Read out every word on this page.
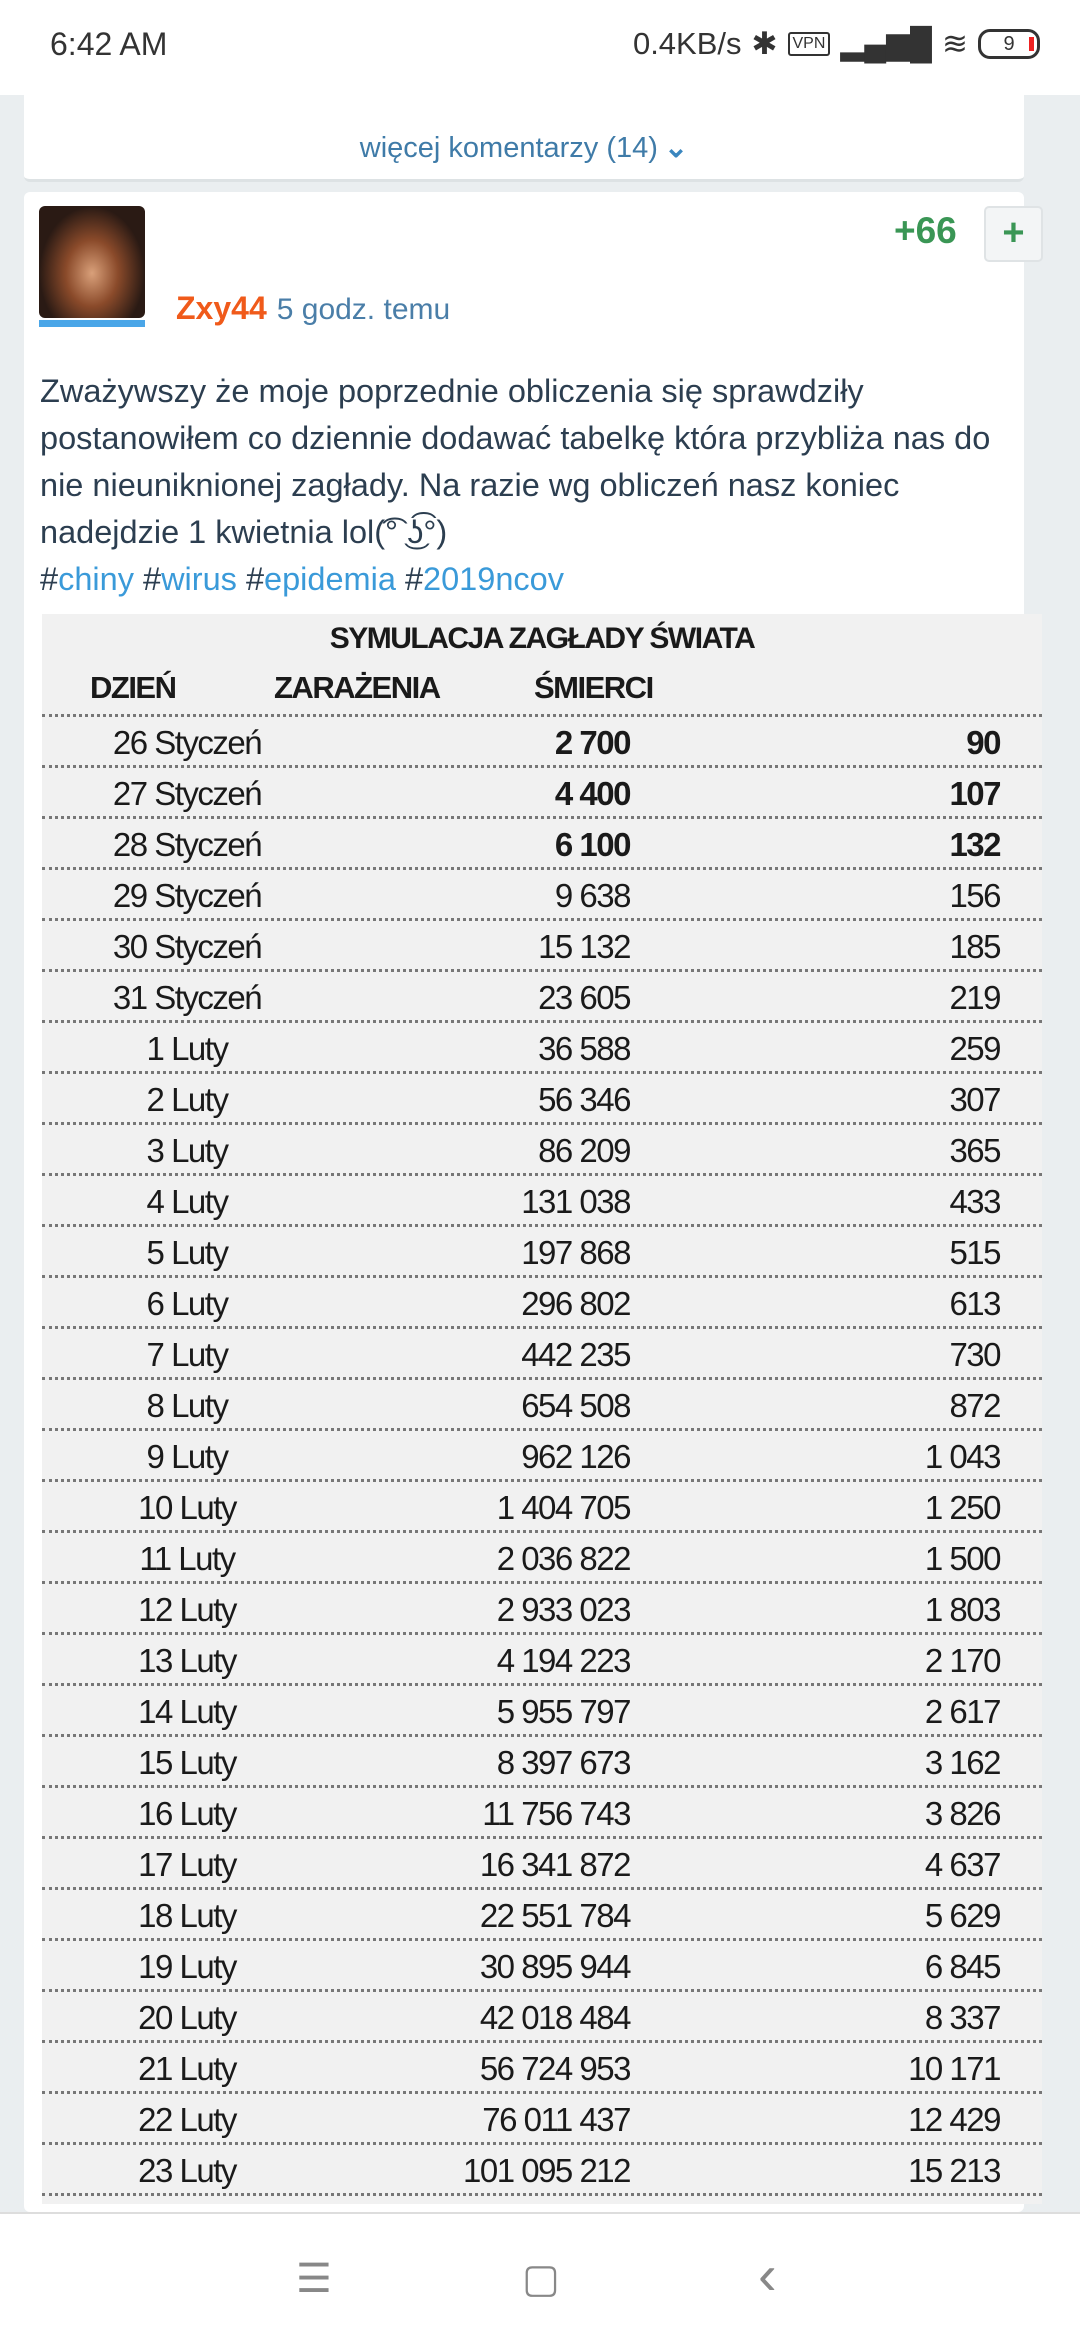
6:42 AM	0.4KB/s ✱ VPN ▂▄▆█ ≋	9
więcej komentarzy (14) ⌄
+66	+
Zxy44 5 godz. temu
Zważywszy że moje poprzednie obliczenia się sprawdziły postanowiłem co dziennie dodawać tabelkę która przybliża nas do nie nieuniknionej zagłady. Na razie wg obliczeń nasz koniec nadejdzie 1 kwietnia lol(͡° ͜ʖ͡°)
#chiny #wirus #epidemia #2019ncov
SYMULACJA ZAGŁADY ŚWIATA
DZIEŃ	ZARAŻENIA	ŚMIERCI
26 Styczeń	2 700	90
27 Styczeń	4 400	107
28 Styczeń	6 100	132
29 Styczeń	9 638	156
30 Styczeń	15 132	185
31 Styczeń	23 605	219
1 Luty	36 588	259
2 Luty	56 346	307
3 Luty	86 209	365
4 Luty	131 038	433
5 Luty	197 868	515
6 Luty	296 802	613
7 Luty	442 235	730
8 Luty	654 508	872
9 Luty	962 126	1 043
10 Luty	1 404 705	1 250
11 Luty	2 036 822	1 500
12 Luty	2 933 023	1 803
13 Luty	4 194 223	2 170
14 Luty	5 955 797	2 617
15 Luty	8 397 673	3 162
16 Luty	11 756 743	3 826
17 Luty	16 341 872	4 637
18 Luty	22 551 784	5 629
19 Luty	30 895 944	6 845
20 Luty	42 018 484	8 337
21 Luty	56 724 953	10 171
22 Luty	76 011 437	12 429
23 Luty	101 095 212	15 213
☰	▢	‹
